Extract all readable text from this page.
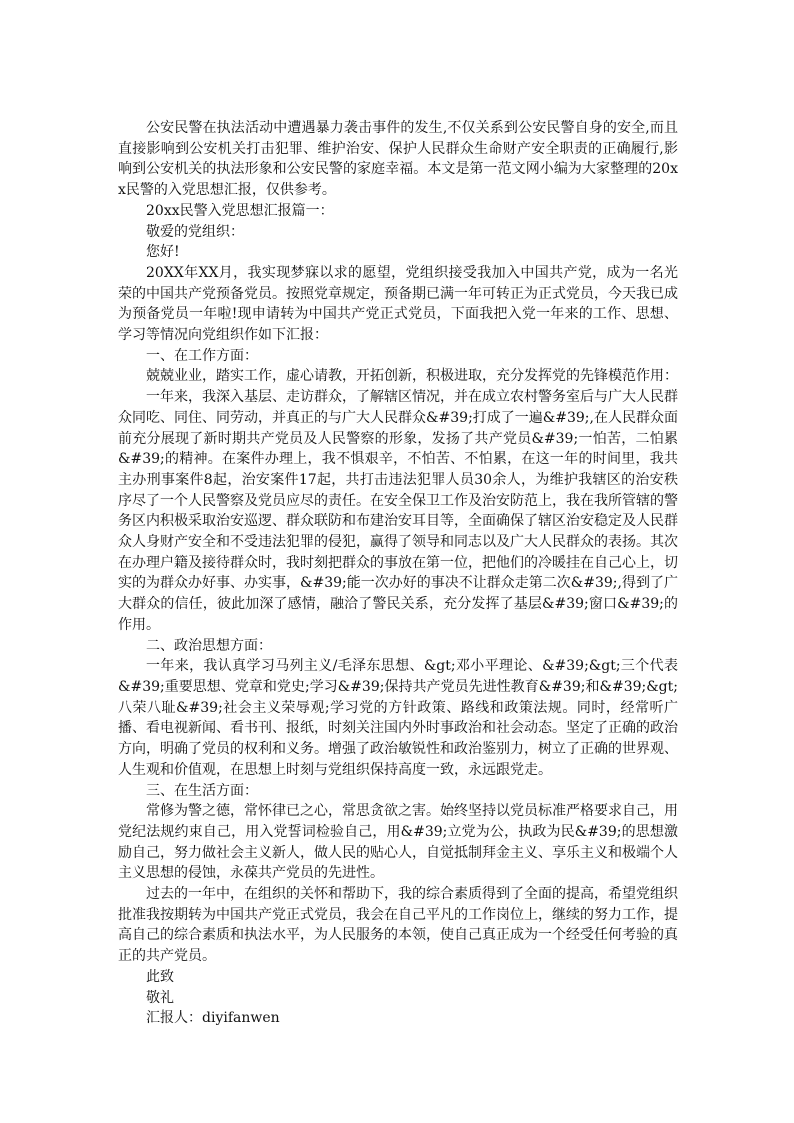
公安民警在执法活动中遭遇暴力袭击事件的发生,不仅关系到公安民警自身的安全,而且直接影响到公安机关打击犯罪、维护治安、保护人民群众生命财产安全职责的正确履行,影响到公安机关的执法形象和公安民警的家庭幸福。本文是第一范文网小编为大家整理的20xx民警的入党思想汇报，仅供参考。

20xx民警入党思想汇报篇一：

敬爱的党组织：

您好!

20XX年XX月，我实现梦寐以求的愿望，党组织接受我加入中国共产党，成为一名光荣的中国共产党预备党员。按照党章规定，预备期已满一年可转正为正式党员，今天我已成为预备党员一年啦!现申请转为中国共产党正式党员，下面我把入党一年来的工作、思想、学习等情况向党组织作如下汇报：

一、在工作方面：

兢兢业业，踏实工作，虚心请教，开拓创新，积极进取，充分发挥党的先锋模范作用：

一年来，我深入基层、走访群众，了解辖区情况，并在成立农村警务室后与广大人民群众同吃、同住、同劳动，并真正的与广大人民群众&#39;打成了一遍&#39;,在人民群众面前充分展现了新时期共产党员及人民警察的形象，发扬了共产党员&#39;一怕苦，二怕累&#39;的精神。在案件办理上，我不惧艰辛，不怕苦、不怕累，在这一年的时间里，我共主办刑事案件8起，治安案件17起，共打击违法犯罪人员30余人，为维护我辖区的治安秩序尽了一个人民警察及党员应尽的责任。在安全保卫工作及治安防范上，我在我所管辖的警务区内积极采取治安巡逻、群众联防和布建治安耳目等，全面确保了辖区治安稳定及人民群众人身财产安全和不受违法犯罪的侵犯，赢得了领导和同志以及广大人民群众的表扬。其次在办理户籍及接待群众时，我时刻把群众的事放在第一位，把他们的冷暖挂在自己心上，切实的为群众办好事、办实事，&#39;能一次办好的事决不让群众走第二次&#39;,得到了广大群众的信任，彼此加深了感情，融洽了警民关系，充分发挥了基层&#39;窗口&#39;的作用。

二、政治思想方面：

一年来，我认真学习马列主义/毛泽东思想、&gt;邓小平理论、&#39;&gt;三个代表&#39;重要思想、党章和党史;学习&#39;保持共产党员先进性教育&#39;和&#39;&gt;八荣八耻&#39;社会主义荣辱观;学习党的方针政策、路线和政策法规。同时，经常听广播、看电视新闻、看书刊、报纸，时刻关注国内外时事政治和社会动态。坚定了正确的政治方向，明确了党员的权利和义务。增强了政治敏锐性和政治鉴别力，树立了正确的世界观、人生观和价值观，在思想上时刻与党组织保持高度一致，永远跟党走。

三、在生活方面：

常修为警之德，常怀律已之心，常思贪欲之害。始终坚持以党员标准严格要求自己，用党纪法规约束自己，用入党誓词检验自己，用&#39;立党为公，执政为民&#39;的思想激励自己，努力做社会主义新人，做人民的贴心人，自觉抵制拜金主义、享乐主义和极端个人主义思想的侵蚀，永葆共产党员的先进性。

过去的一年中，在组织的关怀和帮助下，我的综合素质得到了全面的提高，希望党组织批准我按期转为中国共产党正式党员，我会在自己平凡的工作岗位上，继续的努力工作，提高自己的综合素质和执法水平，为人民服务的本领，使自己真正成为一个经受任何考验的真正的共产党员。

此致

敬礼

汇报人：diyifanwen
